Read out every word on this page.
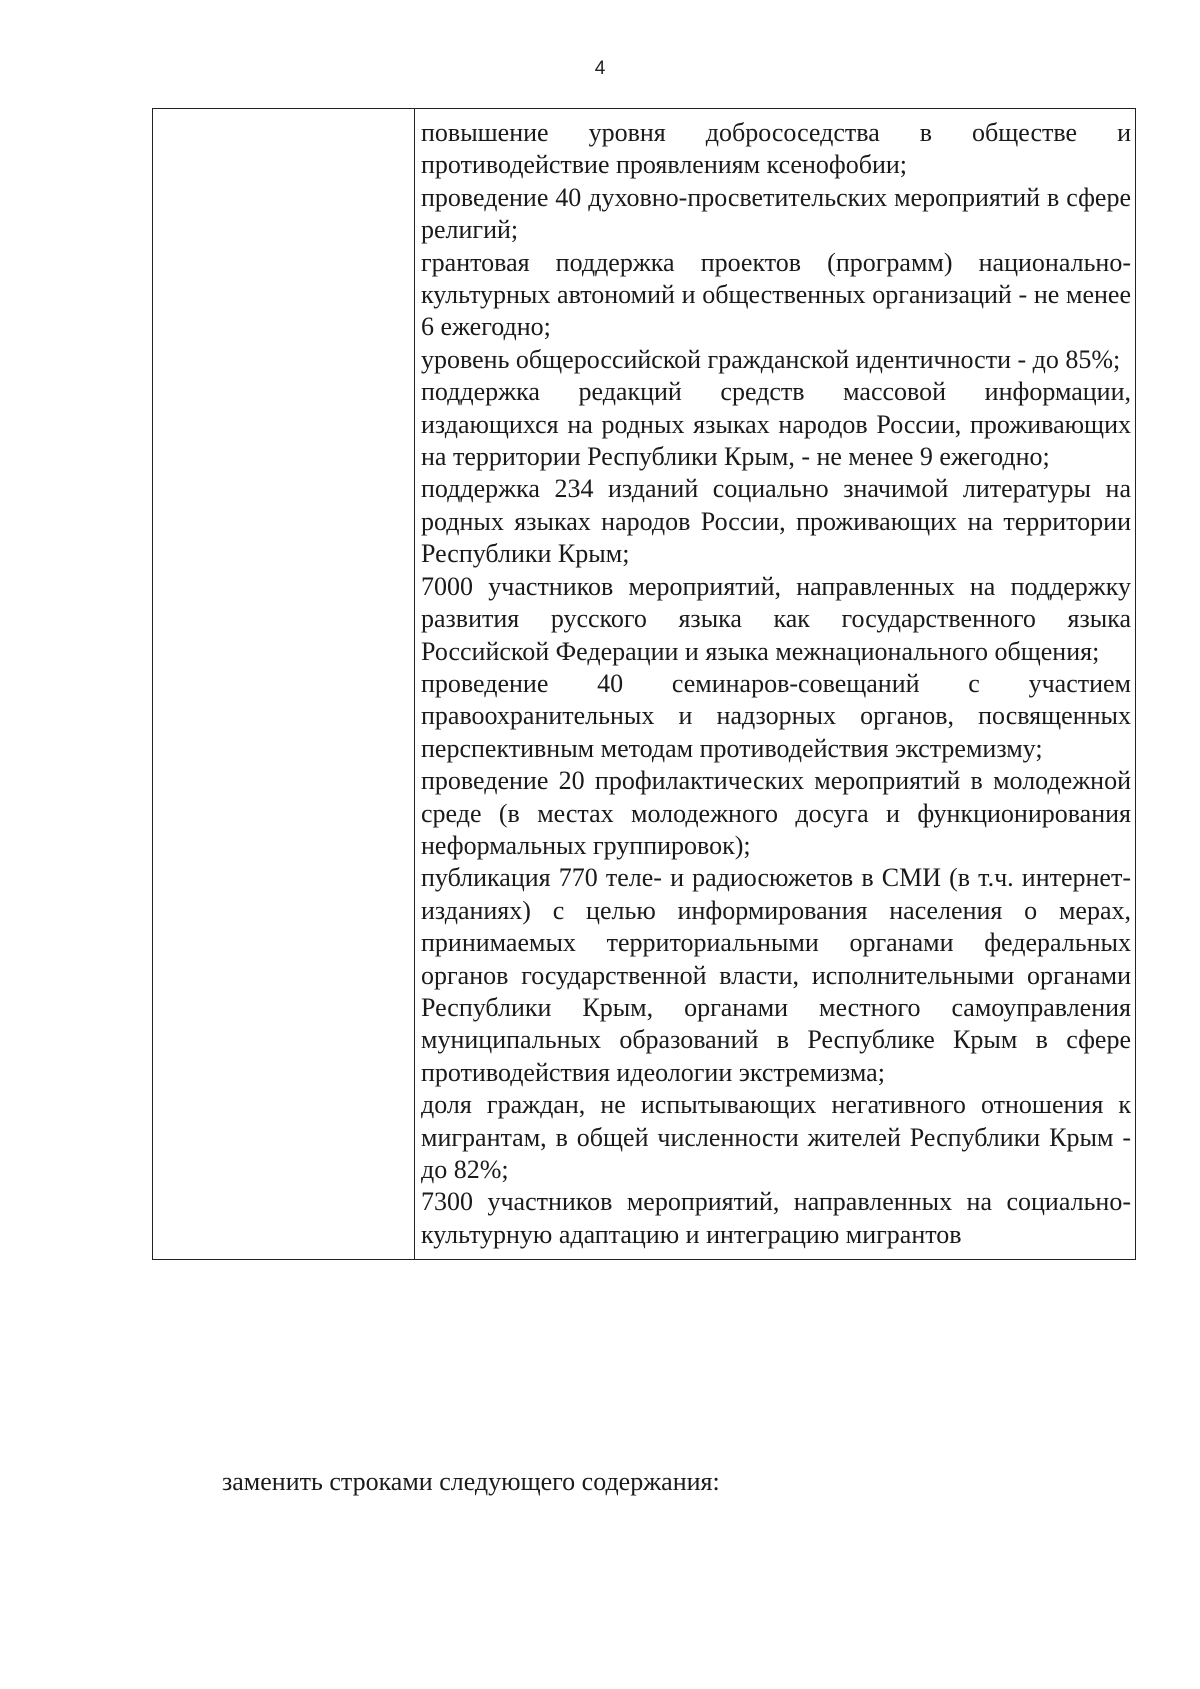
4

повышение уровня добрососедства в обществе и противодействие проявлениям ксенофобии;

проведение 40 духовно-просветительских мероприятий в сфере религий;

грантовая поддержка проектов (программ) национально-культурных автономий и общественных организаций - не менее 6 ежегодно;

уровень общероссийской гражданской идентичности - до 85%;

поддержка редакций средств массовой информации, издающихся на родных языках народов России, проживающих на территории Республики Крым, - не менее 9 ежегодно;

поддержка 234 изданий социально значимой литературы на родных языках народов России, проживающих на территории Республики Крым;

7000 участников мероприятий, направленных на поддержку развития русского языка как государственного языка Российской Федерации и языка межнационального общения;

проведение 40 семинаров-совещаний с участием правоохранительных и надзорных органов, посвященных перспективным методам противодействия экстремизму;

проведение 20 профилактических мероприятий в молодежной среде (в местах молодежного досуга и функционирования неформальных группировок);

публикация 770 теле- и радиосюжетов в СМИ (в т.ч. интернет-изданиях) с целью информирования населения о мерах, принимаемых территориальными органами федеральных органов государственной власти, исполнительными органами Республики Крым, органами местного самоуправления муниципальных образований в Республике Крым в сфере противодействия идеологии экстремизма;

доля граждан, не испытывающих негативного отношения к мигрантам, в общей численности жителей Республики Крым - до 82%;

7300 участников мероприятий, направленных на социально-культурную адаптацию и интеграцию мигрантов

заменить строками следующего содержания:
